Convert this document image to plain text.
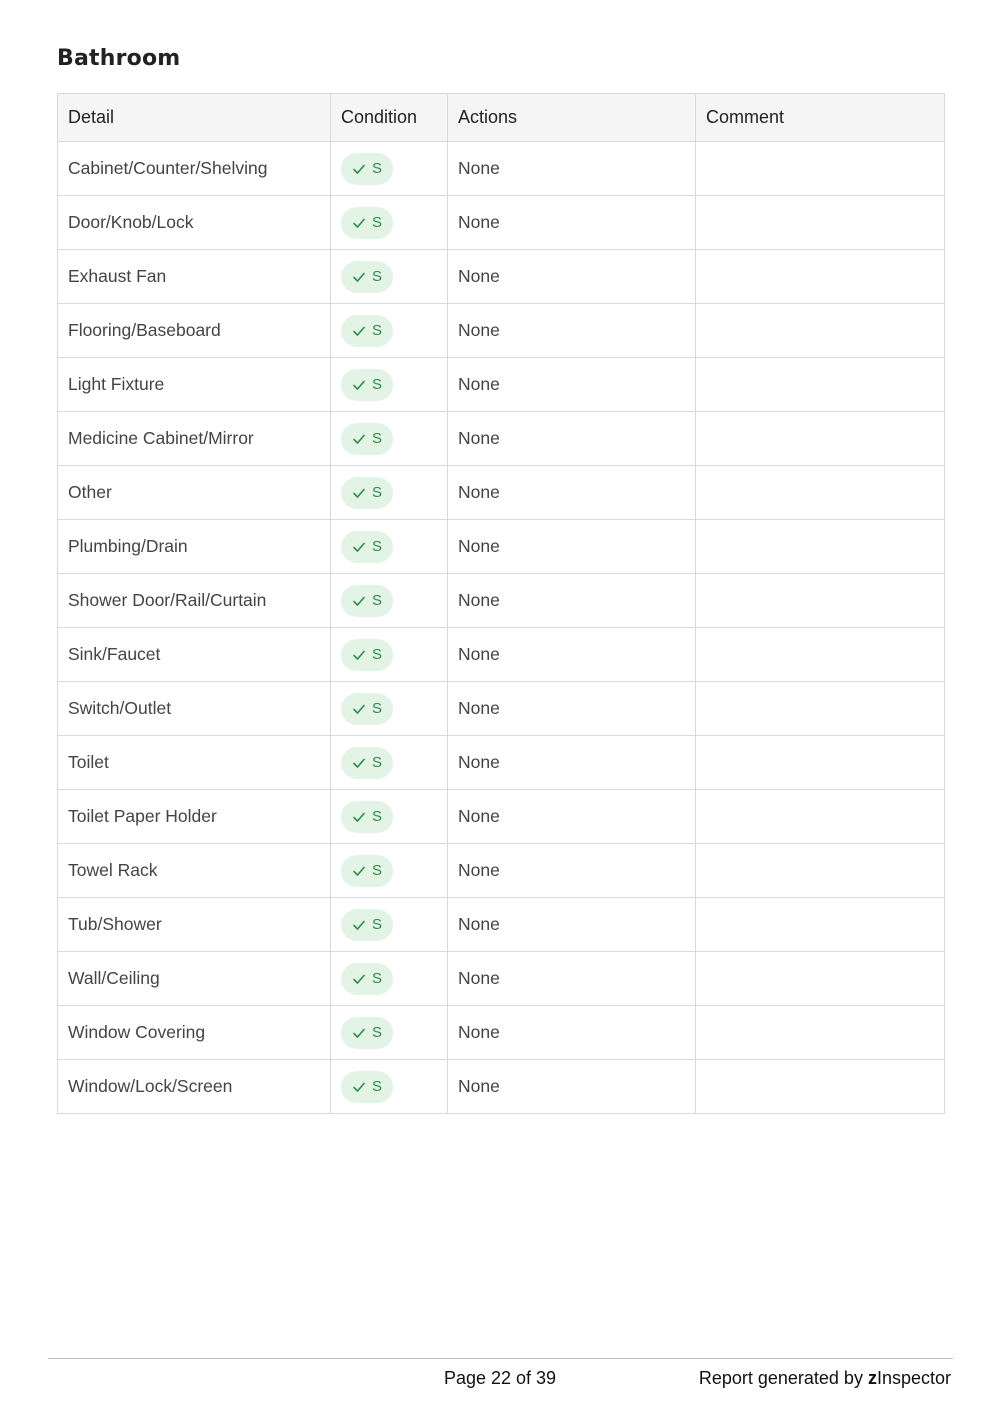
Bathroom
Detail	Condition	Actions	Comment
Cabinet/Counter/Shelving	S	None	
Door/Knob/Lock	S	None	
Exhaust Fan	S	None	
Flooring/Baseboard	S	None	
Light Fixture	S	None	
Medicine Cabinet/Mirror	S	None	
Other	S	None	
Plumbing/Drain	S	None	
Shower Door/Rail/Curtain	S	None	
Sink/Faucet	S	None	
Switch/Outlet	S	None	
Toilet	S	None	
Toilet Paper Holder	S	None	
Towel Rack	S	None	
Tub/Shower	S	None	
Wall/Ceiling	S	None	
Window Covering	S	None	
Window/Lock/Screen	S	None	
Page 22 of 39	Report generated by zInspector
